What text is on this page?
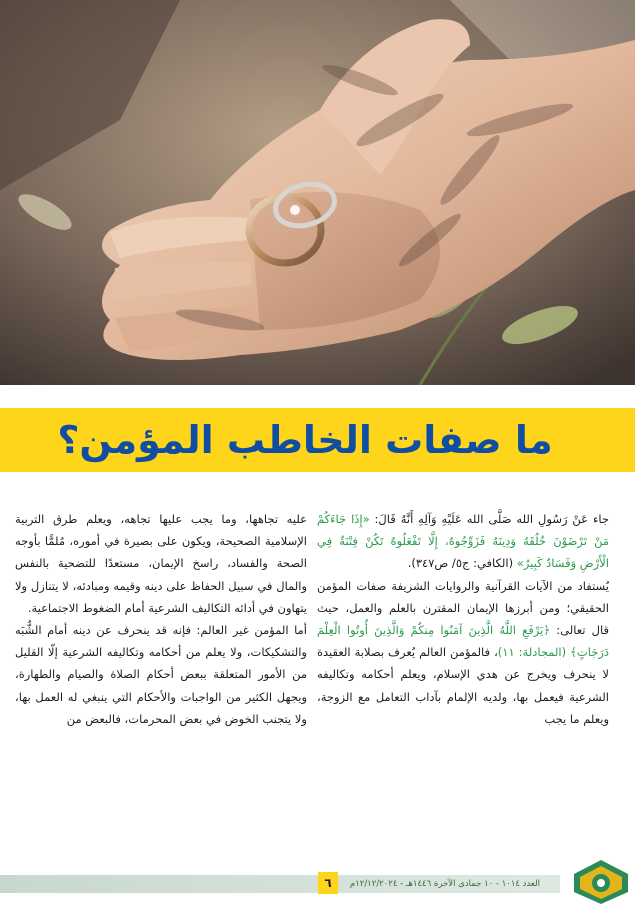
ما صفات الخاطب المؤمن؟

جاء عَنْ رَسُولِ الله صَلَّى الله عَلَيْهِ وَآلِهِ أَنَّهُ قَالَ: «إِذَا جَاءَكُمْ مَنْ تَرْضَوْنَ خُلُقَهُ وَدِينَهُ فَزَوِّجُوهُ، إِلَّا تَفْعَلُوهُ تَكُنْ فِتْنَةٌ فِي الْأَرْضِ وَفَسَادٌ كَبِيرٌ» (الكافي: ج٥/ ص٣٤٧).

يُستفاد من الآيات القرآنية والروايات الشريفة صفات المؤمن الحقيقي؛ ومن أبرزها الإيمان المقترن بالعلم والعمل، حيث قال تعالى: ﴿يَرْفَعِ اللَّهُ الَّذِينَ آمَنُوا مِنكُمْ وَالَّذِينَ أُوتُوا الْعِلْمَ دَرَجَاتٍ﴾ (المجادلة: ١١)، فالمؤمن العالم يُعرف بصلابة العقيدة لا ينحرف ويخرج عن هدي الإسلام، ويعلم أحكامه وتكاليفه الشرعية فيعمل بها، ولديه الإلمام بآداب التعامل مع الزوجة، ويعلم ما يجب

عليه تجاهها، وما يجب عليها تجاهه، ويعلم طرق التربية الإسلامية الصحيحة، ويكون على بصيرة في أموره، مُلمًّا بأوجه الصحة والفساد، راسخ الإيمان، مستعدًا للتضحية بالنفس والمال في سبيل الحفاظ على دينه وقيمه ومبادئه، لا يتنازل ولا يتهاون في أدائه التكاليف الشرعية أمام الضغوط الاجتماعية.

أما المؤمن غير العالم: فإنه قد ينحرف عن دينه أمام الشُّبَه والتشكيكات، ولا يعلم من أحكامه وتكاليفه الشرعية إلّا القليل من الأمور المتعلقة ببعض أحكام الصلاة والصيام والطهارة، ويجهل الكثير من الواجبات والأحكام التي ينبغي له العمل بها، ولا يتجنب الخوض في بعض المحرمات، فالبعض من

العدد ١٠١٤ - ١٠ جمادى الآخرة ١٤٤٦هـ - ١٢/١٢/٢٠٢٤م
٦
